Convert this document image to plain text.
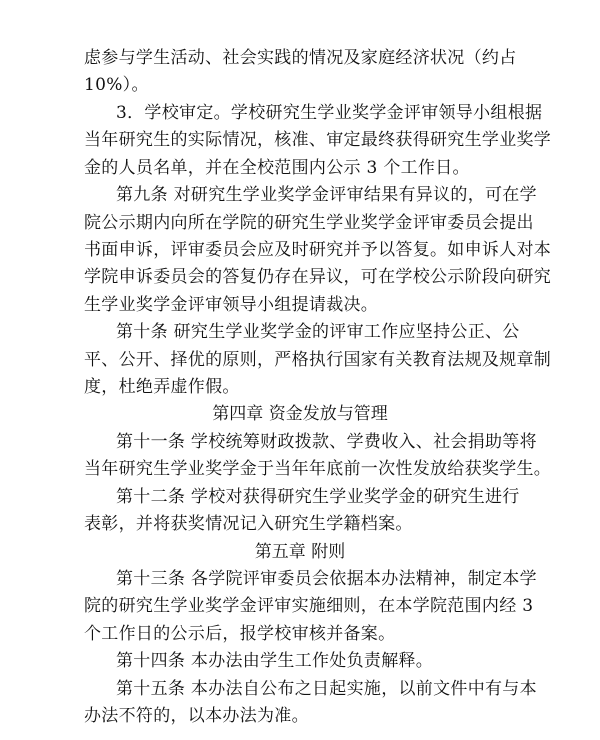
虑参与学生活动、社会实践的情况及家庭经济状况（约占
10%）。
3．学校审定。学校研究生学业奖学金评审领导小组根据
当年研究生的实际情况，核准、审定最终获得研究生学业奖学
金的人员名单，并在全校范围内公示 3 个工作日。
第九条 对研究生学业奖学金评审结果有异议的，可在学
院公示期内向所在学院的研究生学业奖学金评审委员会提出
书面申诉，评审委员会应及时研究并予以答复。如申诉人对本
学院申诉委员会的答复仍存在异议，可在学校公示阶段向研究
生学业奖学金评审领导小组提请裁决。
第十条 研究生学业奖学金的评审工作应坚持公正、公
平、公开、择优的原则，严格执行国家有关教育法规及规章制
度，杜绝弄虚作假。
第四章 资金发放与管理
第十一条 学校统筹财政拨款、学费收入、社会捐助等将
当年研究生学业奖学金于当年年底前一次性发放给获奖学生。
第十二条 学校对获得研究生学业奖学金的研究生进行
表彰，并将获奖情况记入研究生学籍档案。
第五章 附则
第十三条 各学院评审委员会依据本办法精神，制定本学
院的研究生学业奖学金评审实施细则，在本学院范围内经 3
个工作日的公示后，报学校审核并备案。
第十四条 本办法由学生工作处负责解释。
第十五条 本办法自公布之日起实施，以前文件中有与本
办法不符的，以本办法为准。
